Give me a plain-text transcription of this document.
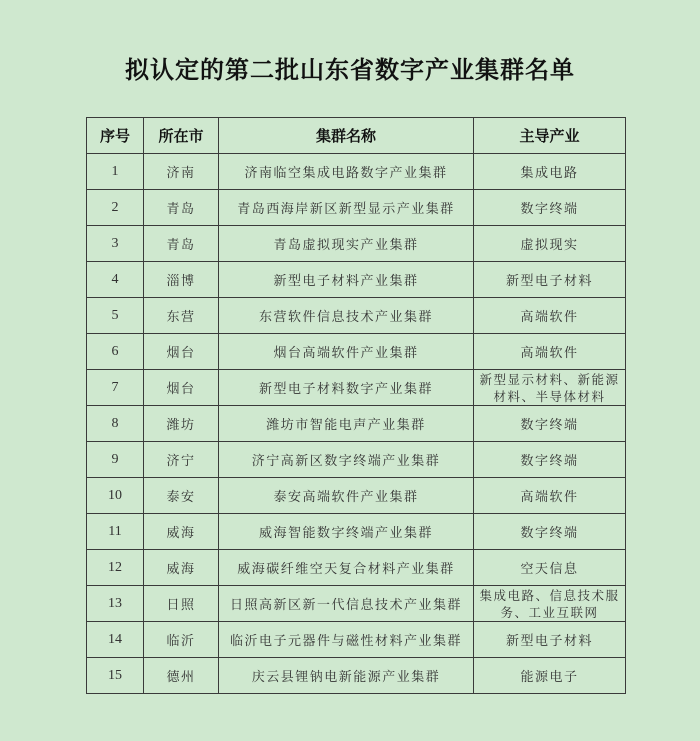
拟认定的第二批山东省数字产业集群名单
序号	所在市	集群名称	主导产业
1	济南	济南临空集成电路数字产业集群	集成电路
2	青岛	青岛西海岸新区新型显示产业集群	数字终端
3	青岛	青岛虚拟现实产业集群	虚拟现实
4	淄博	新型电子材料产业集群	新型电子材料
5	东营	东营软件信息技术产业集群	高端软件
6	烟台	烟台高端软件产业集群	高端软件
7	烟台	新型电子材料数字产业集群	新型显示材料、新能源材料、半导体材料
8	潍坊	潍坊市智能电声产业集群	数字终端
9	济宁	济宁高新区数字终端产业集群	数字终端
10	泰安	泰安高端软件产业集群	高端软件
11	威海	威海智能数字终端产业集群	数字终端
12	威海	威海碳纤维空天复合材料产业集群	空天信息
13	日照	日照高新区新一代信息技术产业集群	集成电路、信息技术服务、工业互联网
14	临沂	临沂电子元器件与磁性材料产业集群	新型电子材料
15	德州	庆云县锂钠电新能源产业集群	能源电子
